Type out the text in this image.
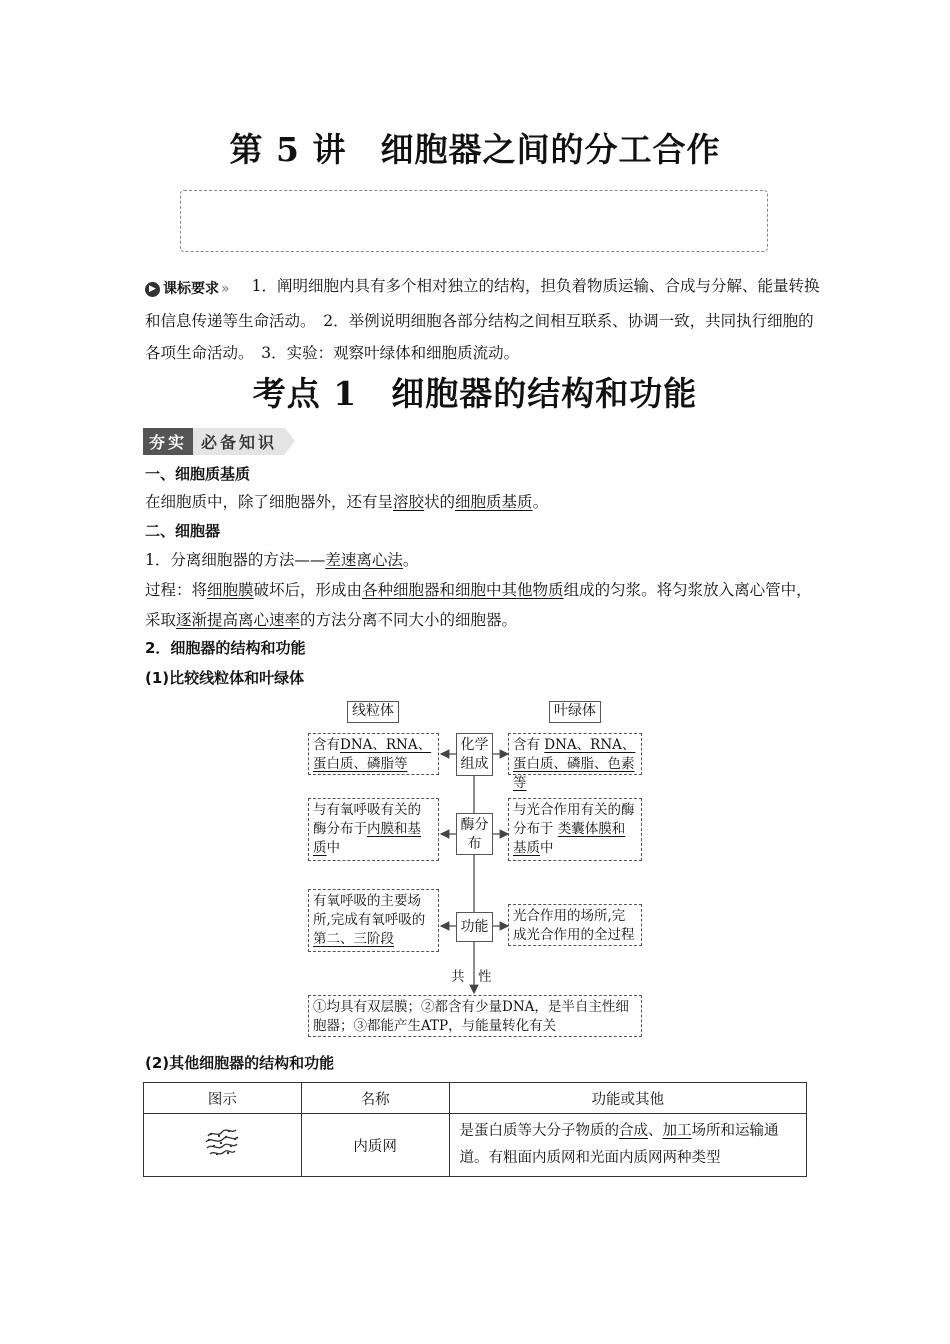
第 5 讲　细胞器之间的分工合作
▶ 课标要求 » 1．阐明细胞内具有多个相对独立的结构，担负着物质运输、合成与分解、能量转换和信息传递等生命活动。　 2．举例说明细胞各部分结构之间相互联系、协调一致，共同执行细胞的各项生命活动。　 3．实验：观察叶绿体和细胞质流动。
考点 1　细胞器的结构和功能
夯实 必备知识
一、细胞质基质
在细胞质中，除了细胞器外，还有呈溶胶状的细胞质基质。
二、细胞器
1．分离细胞器的方法——差速离心法。
过程：将细胞膜破坏后，形成由各种细胞器和细胞中其他物质组成的匀浆。将匀浆放入离心管中，采取逐渐提高离心速率的方法分离不同大小的细胞器。
2．细胞器的结构和功能
(1)比较线粒体和叶绿体
线粒体	叶绿体
化学组成
酶分布
功能
含有DNA、RNA、蛋白质、磷脂等
含有 DNA、RNA、蛋白质、磷脂、色素等
与有氧呼吸有关的酶分布于内膜和基质中
与光合作用有关的酶分布于 类囊体膜和基质中
有氧呼吸的主要场所,完成有氧呼吸的第二、三阶段
光合作用的场所,完成光合作用的全过程
共　性
①均具有双层膜；②都含有少量DNA，是半自主性细胞器；③都能产生ATP，与能量转化有关
(2)其他细胞器的结构和功能
图示	名称	功能或其他
	内质网	是蛋白质等大分子物质的合成、加工场所和运输通道。有粗面内质网和光面内质网两种类型
